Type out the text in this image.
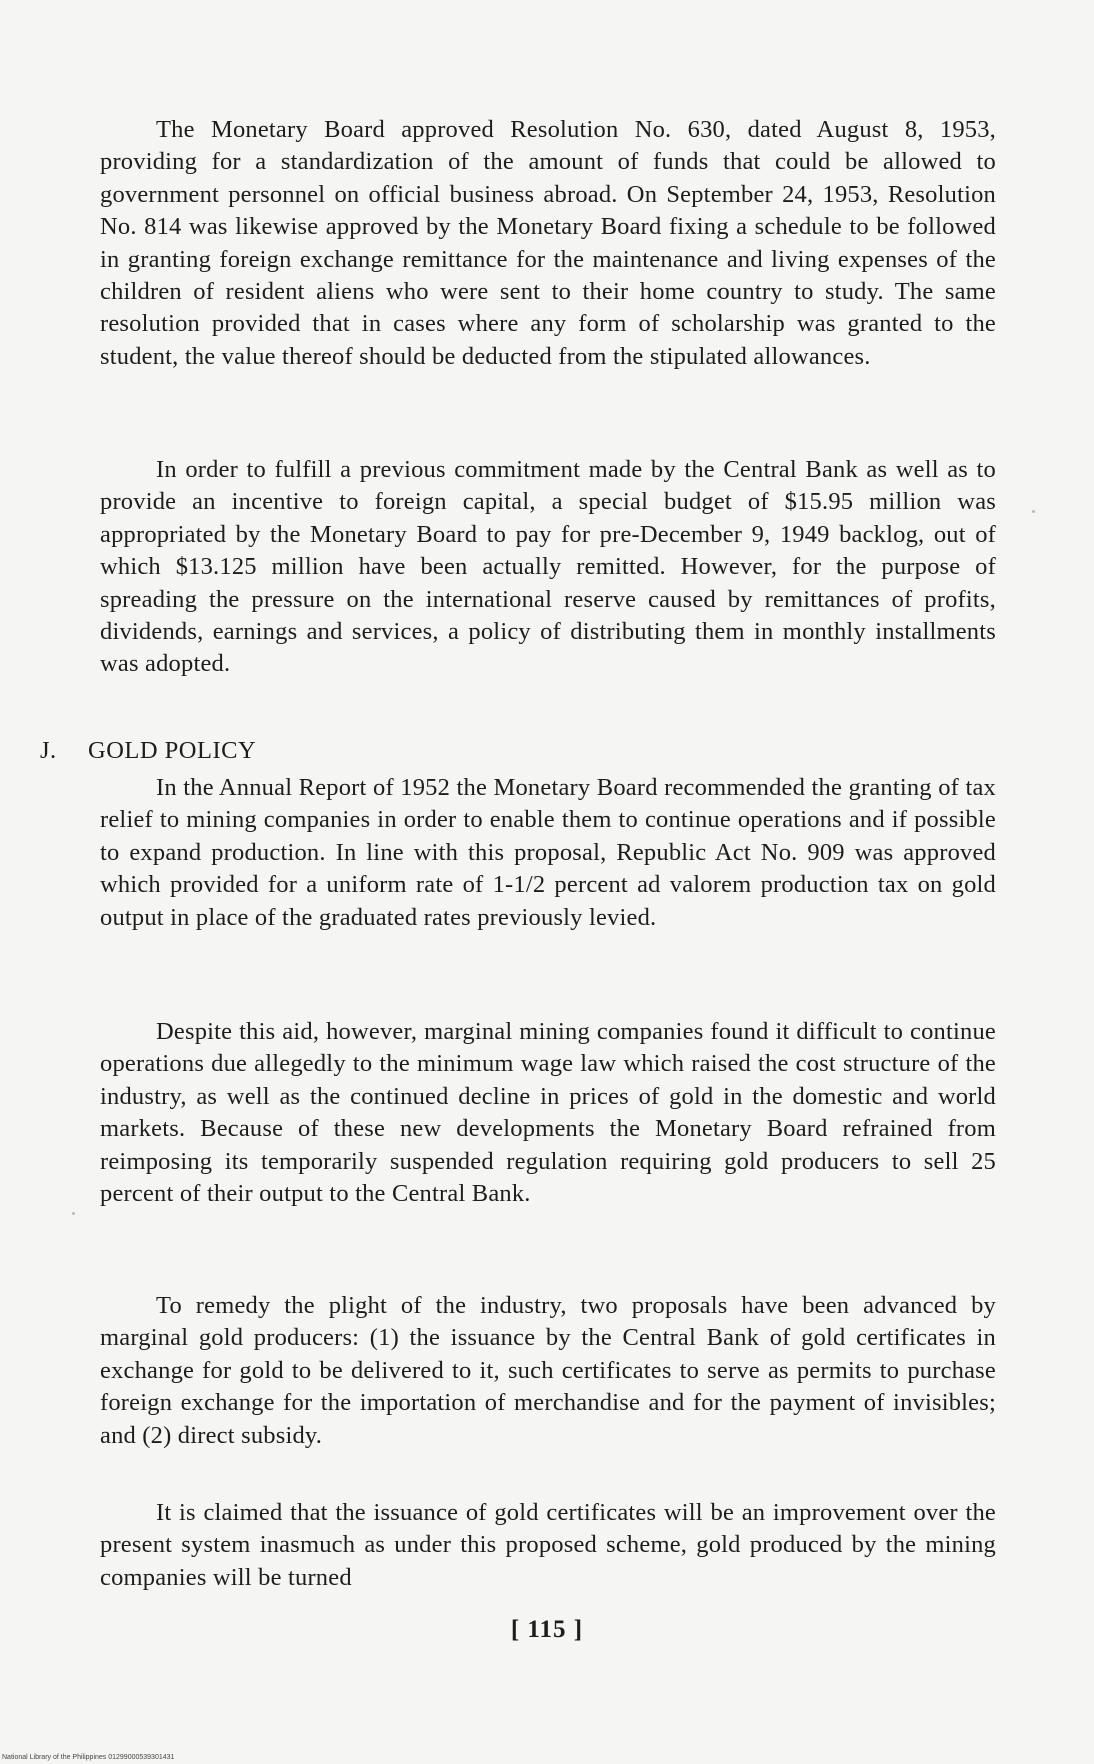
The Monetary Board approved Resolution No. 630, dated August 8, 1953, providing for a standardization of the amount of funds that could be allowed to government personnel on official business abroad. On September 24, 1953, Resolution No. 814 was likewise approved by the Monetary Board fixing a schedule to be followed in granting foreign exchange remittance for the maintenance and living expenses of the children of resident aliens who were sent to their home country to study. The same resolution provided that in cases where any form of scholarship was granted to the student, the value thereof should be deducted from the stipulated allowances.

In order to fulfill a previous commitment made by the Central Bank as well as to provide an incentive to foreign capital, a special budget of $15.95 million was appropriated by the Monetary Board to pay for pre-December 9, 1949 backlog, out of which $13.125 million have been actually remitted. However, for the purpose of spreading the pressure on the international reserve caused by remittances of profits, dividends, earnings and services, a policy of distributing them in monthly installments was adopted.

J. GOLD POLICY

In the Annual Report of 1952 the Monetary Board recommended the granting of tax relief to mining companies in order to enable them to continue operations and if possible to expand production. In line with this proposal, Republic Act No. 909 was approved which provided for a uniform rate of 1-1/2 percent ad valorem production tax on gold output in place of the graduated rates previously levied.

Despite this aid, however, marginal mining companies found it difficult to continue operations due allegedly to the minimum wage law which raised the cost structure of the industry, as well as the continued decline in prices of gold in the domestic and world markets. Because of these new developments the Monetary Board refrained from reimposing its temporarily suspended regulation requiring gold producers to sell 25 percent of their output to the Central Bank.

To remedy the plight of the industry, two proposals have been advanced by marginal gold producers: (1) the issuance by the Central Bank of gold certificates in exchange for gold to be delivered to it, such certificates to serve as permits to purchase foreign exchange for the importation of merchandise and for the payment of invisibles; and (2) direct subsidy.

It is claimed that the issuance of gold certificates will be an improvement over the present system inasmuch as under this proposed scheme, gold produced by the mining companies will be turned

[ 115 ]
National Library of the Philippines 01299000539301431
